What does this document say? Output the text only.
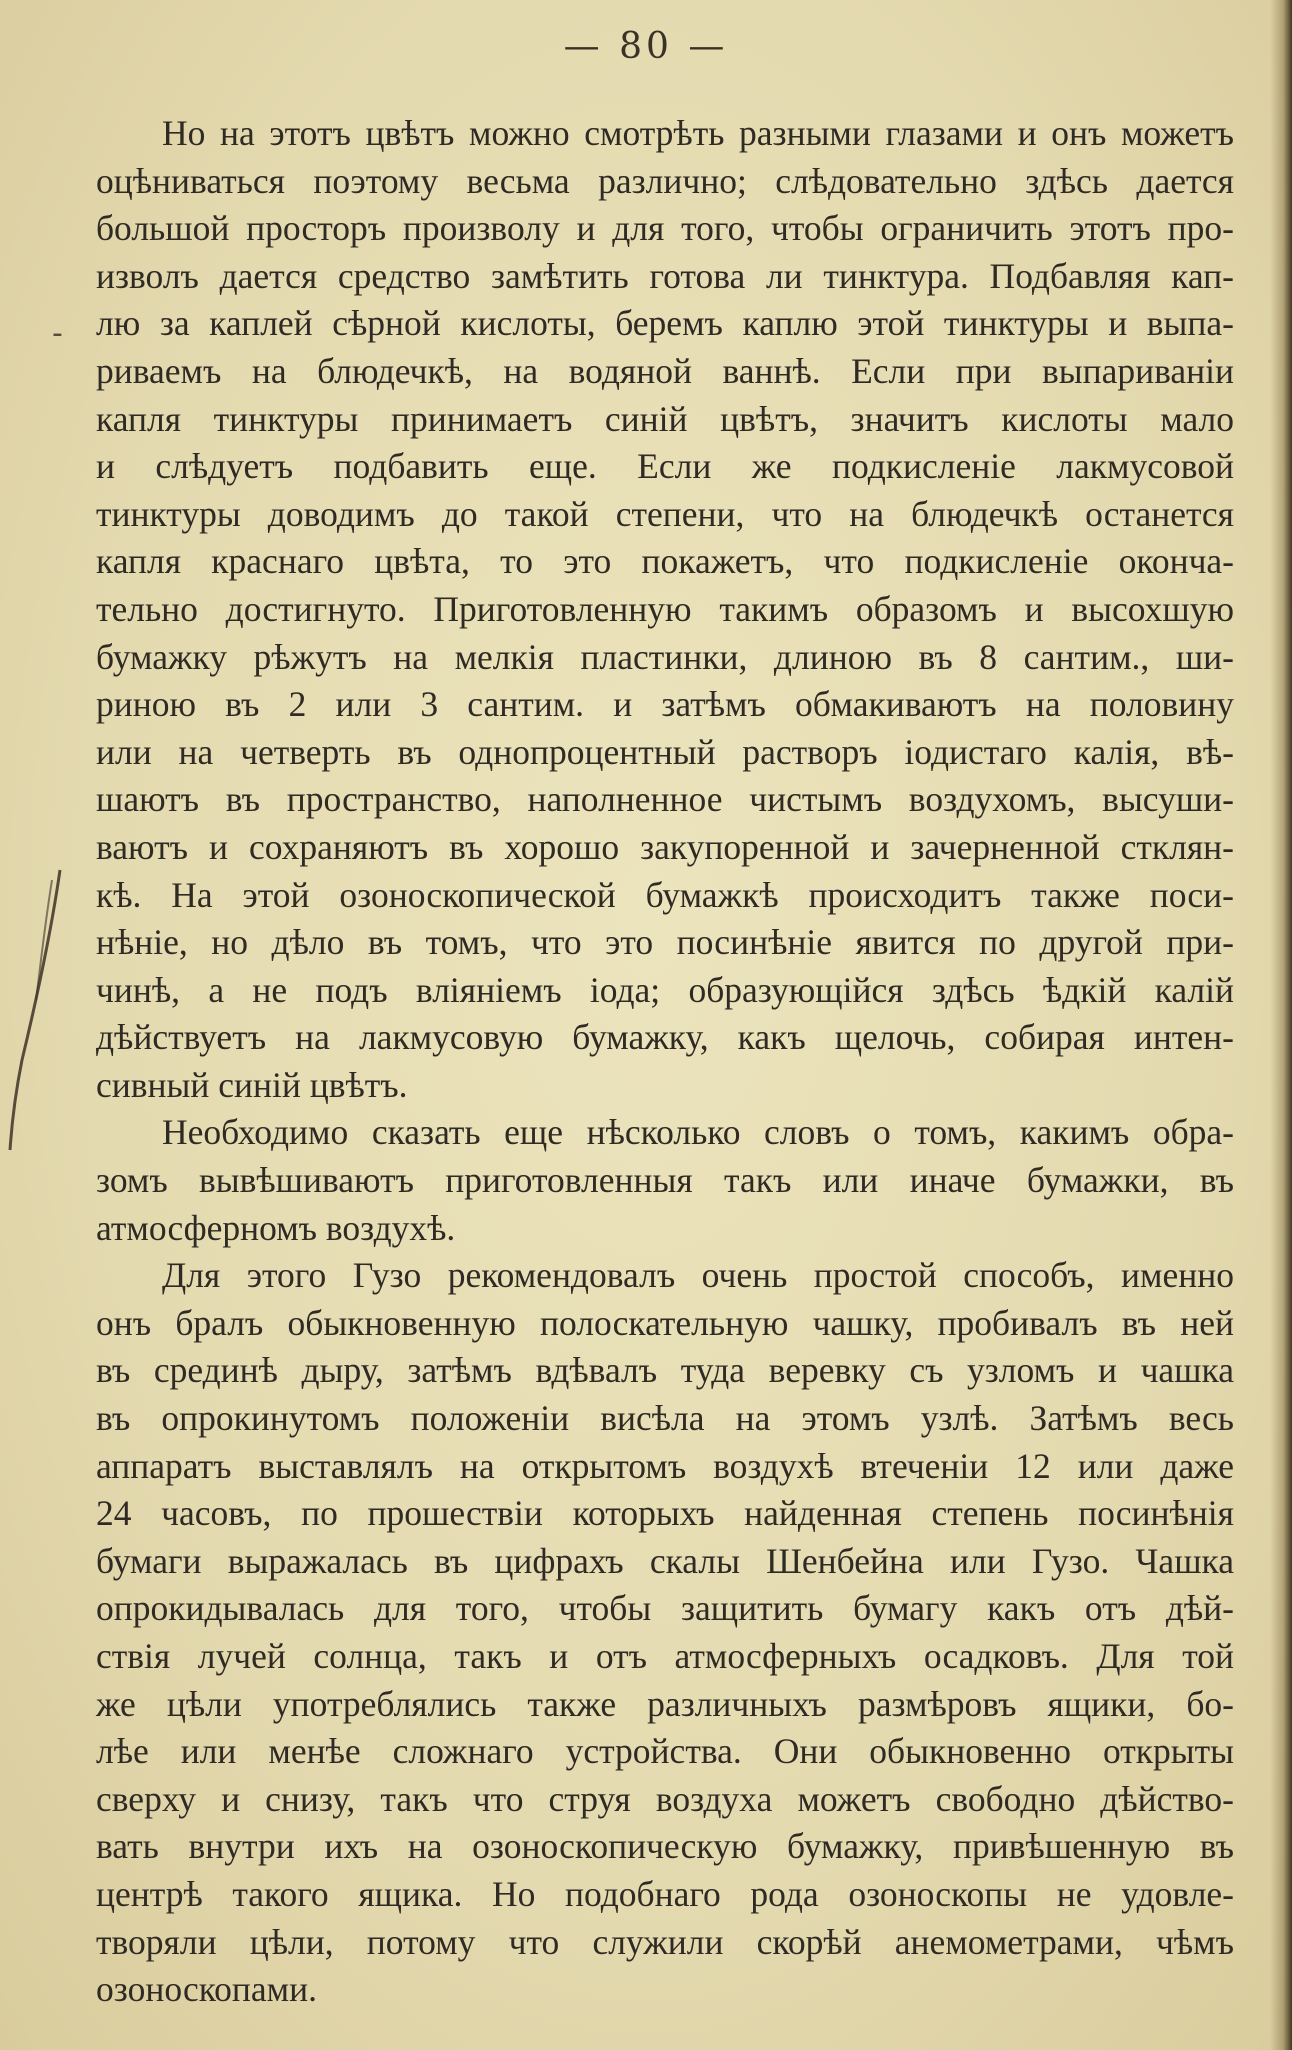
— 80 —
-

Но на этотъ цвѣтъ можно смотрѣть разными глазами и онъ можетъ
оцѣниваться поэтому весьма различно; слѣдовательно здѣсь дается
большой просторъ произволу и для того, чтобы ограничить этотъ про-
изволъ дается средство замѣтить готова ли тинктура. Подбавляя кап-
лю за каплей сѣрной кислоты, беремъ каплю этой тинктуры и выпа-
риваемъ на блюдечкѣ, на водяной ваннѣ. Если при выпариванiи
капля тинктуры принимаетъ синiй цвѣтъ, значитъ кислоты мало
и слѣдуетъ подбавить еще. Если же подкисленiе лакмусовой
тинктуры доводимъ до такой степени, что на блюдечкѣ останется
капля краснаго цвѣта, то это покажетъ, что подкисленiе оконча-
тельно достигнуто. Приготовленную такимъ образомъ и высохшую
бумажку рѣжутъ на мелкiя пластинки, длиною въ 8 сантим., ши-
риною въ 2 или 3 сантим. и затѣмъ обмакиваютъ на половину
или на четверть въ однопроцентный растворъ iодистаго калiя, вѣ-
шаютъ въ пространство, наполненное чистымъ воздухомъ, высуши-
ваютъ и сохраняютъ въ хорошо закупоренной и зачерненной стклян-
кѣ. На этой озоноскопической бумажкѣ происходитъ также поси-
нѣнiе, но дѣло въ томъ, что это посинѣнiе явится по другой при-
чинѣ, а не подъ влiянiемъ iода; образующiйся здѣсь ѣдкiй калiй
дѣйствуетъ на лакмусовую бумажку, какъ щелочь, собирая интен-
сивный синiй цвѣтъ.

Необходимо сказать еще нѣсколько словъ о томъ, какимъ обра-
зомъ вывѣшиваютъ приготовленныя такъ или иначе бумажки, въ
атмосферномъ воздухѣ.

Для этого Гузо рекомендовалъ очень простой способъ, именно
онъ бралъ обыкновенную полоскательную чашку, пробивалъ въ ней
въ срединѣ дыру, затѣмъ вдѣвалъ туда веревку съ узломъ и чашка
въ опрокинутомъ положенiи висѣла на этомъ узлѣ. Затѣмъ весь
аппаратъ выставлялъ на открытомъ воздухѣ втеченiи 12 или даже
24 часовъ, по прошествiи которыхъ найденная степень посинѣнiя
бумаги выражалась въ цифрахъ скалы Шенбейна или Гузо. Чашка
опрокидывалась для того, чтобы защитить бумагу какъ отъ дѣй-
ствiя лучей солнца, такъ и отъ атмосферныхъ осадковъ. Для той
же цѣли употреблялись также различныхъ размѣровъ ящики, бо-
лѣе или менѣе сложнаго устройства. Они обыкновенно открыты
сверху и снизу, такъ что струя воздуха можетъ свободно дѣйство-
вать внутри ихъ на озоноскопическую бумажку, привѣшенную въ
центрѣ такого ящика. Но подобнаго рода озоноскопы не удовле-
творяли цѣли, потому что служили скорѣй анемометрами, чѣмъ
озоноскопами.
